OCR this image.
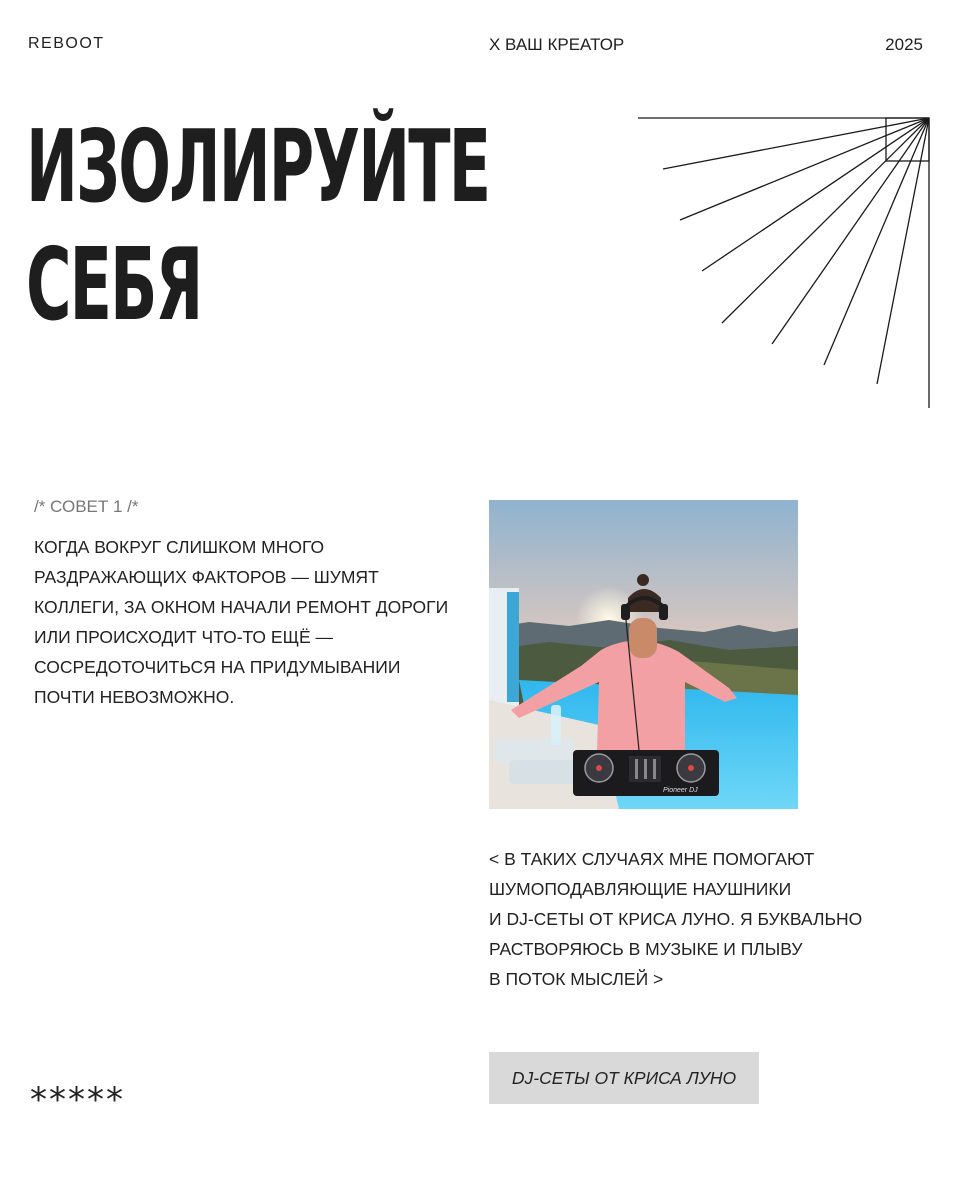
REBOOT	X ВАШ КРЕАТОР	2025
ИЗОЛИРУЙТЕ
СЕБЯ
/* СОВЕТ 1 /*

КОГДА ВОКРУГ СЛИШКОМ МНОГО РАЗДРАЖАЮЩИХ ФАКТОРОВ — ШУМЯТ КОЛЛЕГИ, ЗА ОКНОМ НАЧАЛИ РЕМОНТ ДОРОГИ ИЛИ ПРОИСХОДИТ ЧТО-ТО ЕЩЁ — СОСРЕДОТОЧИТЬСЯ НА ПРИДУМЫВАНИИ ПОЧТИ НЕВОЗМОЖНО.

Pioneer DJ

< В ТАКИХ СЛУЧАЯХ МНЕ ПОМОГАЮТ
ШУМОПОДАВЛЯЮЩИЕ НАУШНИКИ
И DJ-СЕТЫ ОТ КРИСА ЛУНО. Я БУКВАЛЬНО
РАСТВОРЯЮСЬ В МУЗЫКЕ И ПЛЫВУ
В ПОТОК МЫСЛЕЙ >

DJ-СЕТЫ ОТ КРИСА ЛУНО
*****
